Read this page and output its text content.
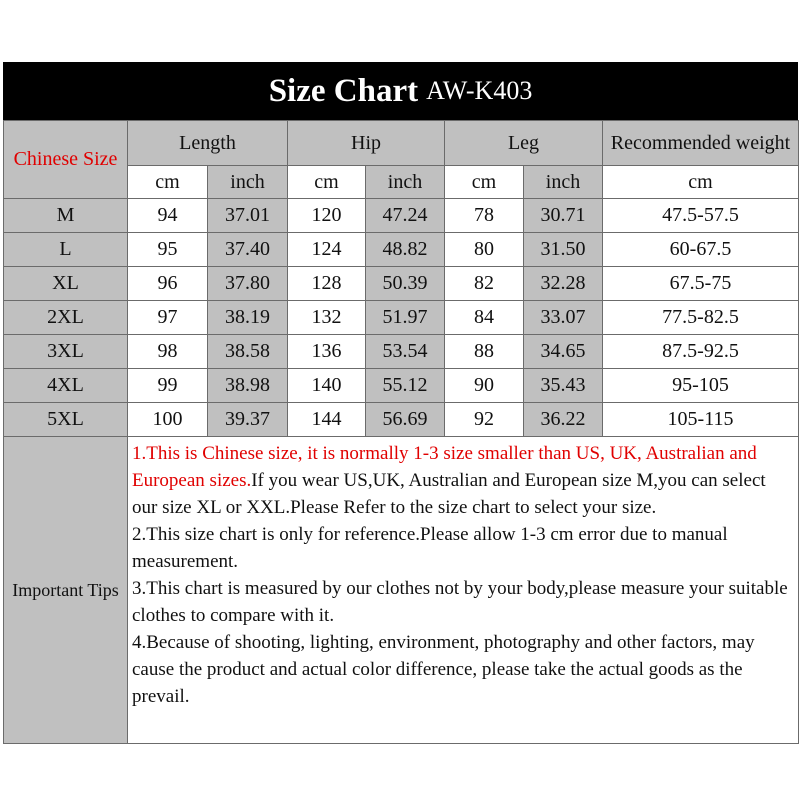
Size Chart AW-K403
Chinese Size	Length		Hip		Leg		Recommended weight
	cm	inch	cm	inch	cm	inch	cm
M	94	37.01	120	47.24	78	30.71	47.5-57.5
L	95	37.40	124	48.82	80	31.50	60-67.5
XL	96	37.80	128	50.39	82	32.28	67.5-75
2XL	97	38.19	132	51.97	84	33.07	77.5-82.5
3XL	98	38.58	136	53.54	88	34.65	87.5-92.5
4XL	99	38.98	140	55.12	90	35.43	95-105
5XL	100	39.37	144	56.69	92	36.22	105-115
Important Tips	1.This is Chinese size, it is normally 1-3 size smaller than US, UK, Australian and European sizes.If you wear US,UK, Australian and European size M,you can select our size XL or XXL.Please Refer to the size chart to select your size.
2.This size chart is only for reference.Please allow 1-3 cm error due to manual measurement.
3.This chart is measured by our clothes not by your body,please measure your suitable clothes to compare with it.
4.Because of shooting, lighting, environment, photography and other factors, may cause the product and actual color difference, please take the actual goods as the prevail.						
